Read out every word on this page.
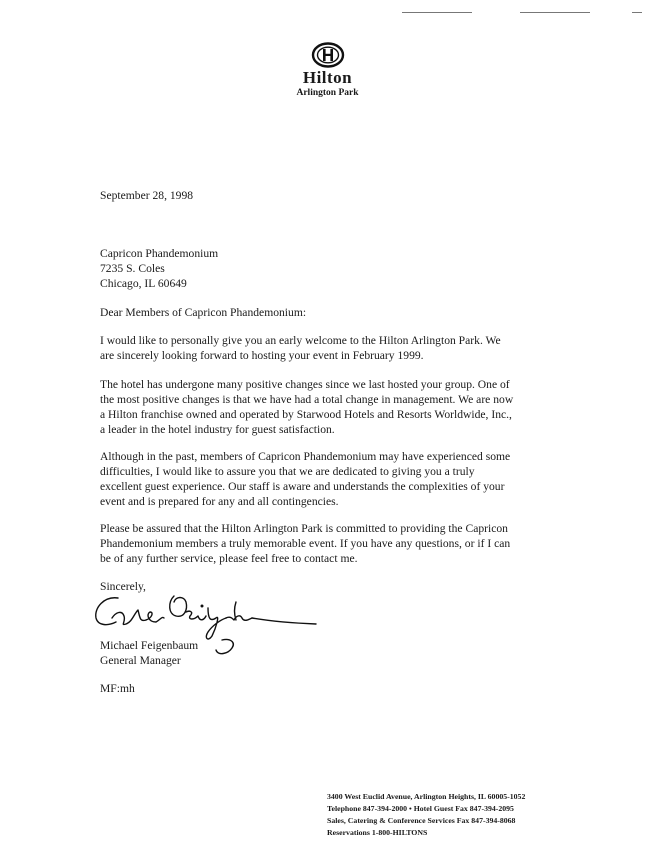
Hilton
Arlington Park
September 28, 1998
Capricon Phandemonium
7235 S. Coles
Chicago, IL 60649
Dear Members of Capricon Phandemonium:
I would like to personally give you an early welcome to the Hilton Arlington Park. We
are sincerely looking forward to hosting your event in February 1999.
The hotel has undergone many positive changes since we last hosted your group. One of
the most positive changes is that we have had a total change in management. We are now
a Hilton franchise owned and operated by Starwood Hotels and Resorts Worldwide, Inc.,
a leader in the hotel industry for guest satisfaction.
Although in the past, members of Capricon Phandemonium may have experienced some
difficulties, I would like to assure you that we are dedicated to giving you a truly
excellent guest experience. Our staff is aware and understands the complexities of your
event and is prepared for any and all contingencies.
Please be assured that the Hilton Arlington Park is committed to providing the Capricon
Phandemonium members a truly memorable event. If you have any questions, or if I can
be of any further service, please feel free to contact me.
Sincerely,
Michael Feigenbaum
General Manager
MF:mh
3400 West Euclid Avenue, Arlington Heights, IL 60005-1052
Telephone 847-394-2000 • Hotel Guest Fax 847-394-2095
Sales, Catering & Conference Services Fax 847-394-8068
Reservations 1-800-HILTONS
